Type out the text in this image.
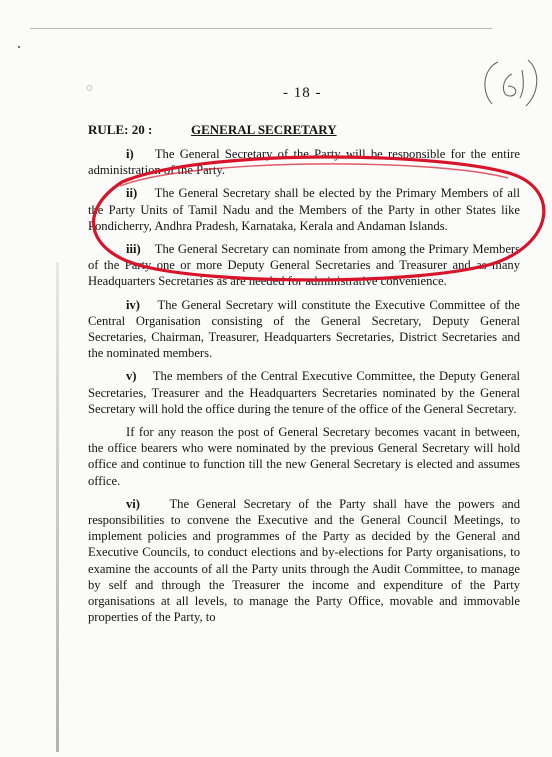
◌	- 18 -
RULE: 20 :	GENERAL SECRETARY

i) The General Secretary of the Party will be responsible for the entire administration of the Party.

ii) The General Secretary shall be elected by the Primary Members of all the Party Units of Tamil Nadu and the Members of the Party in other States like Pondicherry, Andhra Pradesh, Karnataka, Kerala and Andaman Islands.

iii) The General Secretary can nominate from among the Primary Members of the Party one or more Deputy General Secretaries and Treasurer and as many Headquarters Secretaries as are needed for administrative convenience.

iv) The General Secretary will constitute the Executive Committee of the Central Organisation consisting of the General Secretary, Deputy General Secretaries, Chairman, Treasurer, Headquarters Secretaries, District Secretaries and the nominated members.

v) The members of the Central Executive Committee, the Deputy General Secretaries, Treasurer and the Headquarters Secretaries nominated by the General Secretary will hold the office during the tenure of the office of the General Secretary.

If for any reason the post of General Secretary becomes vacant in between, the office bearers who were nominated by the previous General Secretary will hold office and continue to function till the new General Secretary is elected and assumes office.

vi) The General Secretary of the Party shall have the powers and responsibilities to convene the Executive and the General Council Meetings, to implement policies and programmes of the Party as decided by the General and Executive Councils, to conduct elections and by-elections for Party organisations, to examine the accounts of all the Party units through the Audit Committee, to manage by self and through the Treasurer the income and expenditure of the Party organisations at all levels, to manage the Party Office, movable and immovable properties of the Party, to
